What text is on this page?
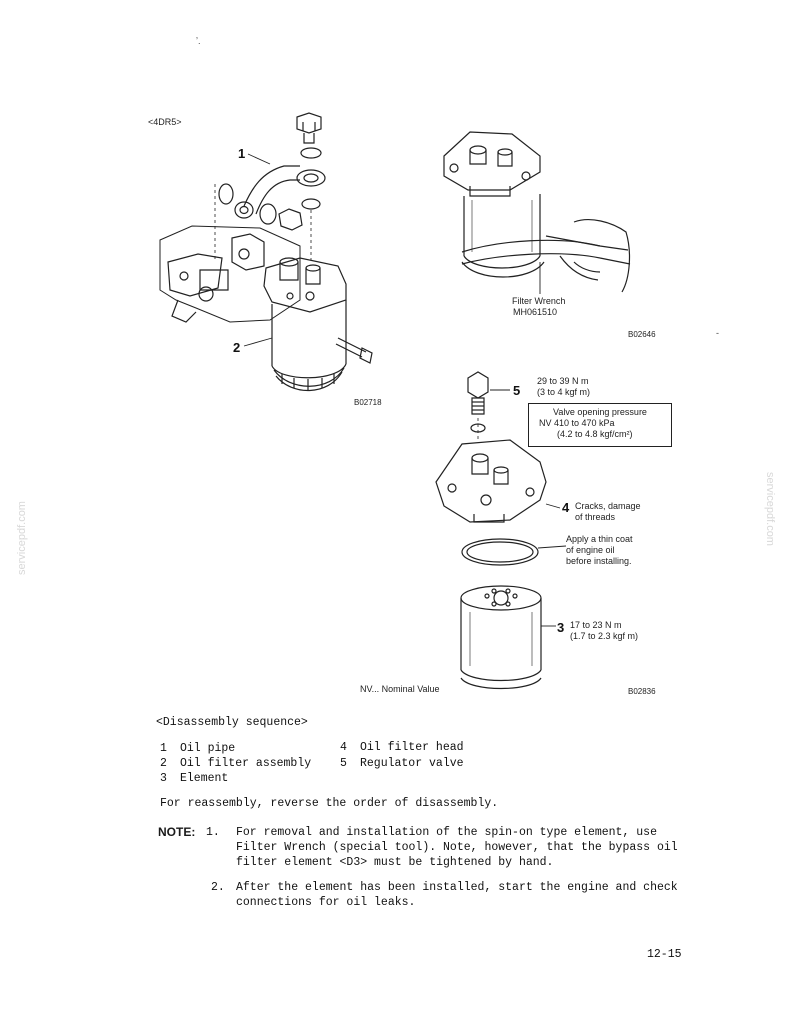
servicepdf.com	servicepdf.com
ʼ.
-
<4DR5>
1
2
B02718
Filter Wrench
MH061510
B02646
5
29 to 39 N m
(3 to 4 kgf m)
Valve opening pressure
NV 410 to 470 kPa
(4.2 to 4.8 kgf/cm²)
4 Cracks, damage
of threads
Apply a thin coat
of engine oil
before installing.
3 17 to 23 N m
(1.7 to 2.3 kgf m)
NV... Nominal Value	B02836
<Disassembly sequence>
1 Oil pipe
2 Oil filter assembly
3 Element
4 Oil filter head
5 Regulator valve
For reassembly, reverse the order of disassembly.
NOTE: 1. For removal and installation of the spin-on type element, use
Filter Wrench (special tool). Note, however, that the bypass oil
filter element <D3> must be tightened by hand.
2. After the element has been installed, start the engine and check
connections for oil leaks.
12-15
